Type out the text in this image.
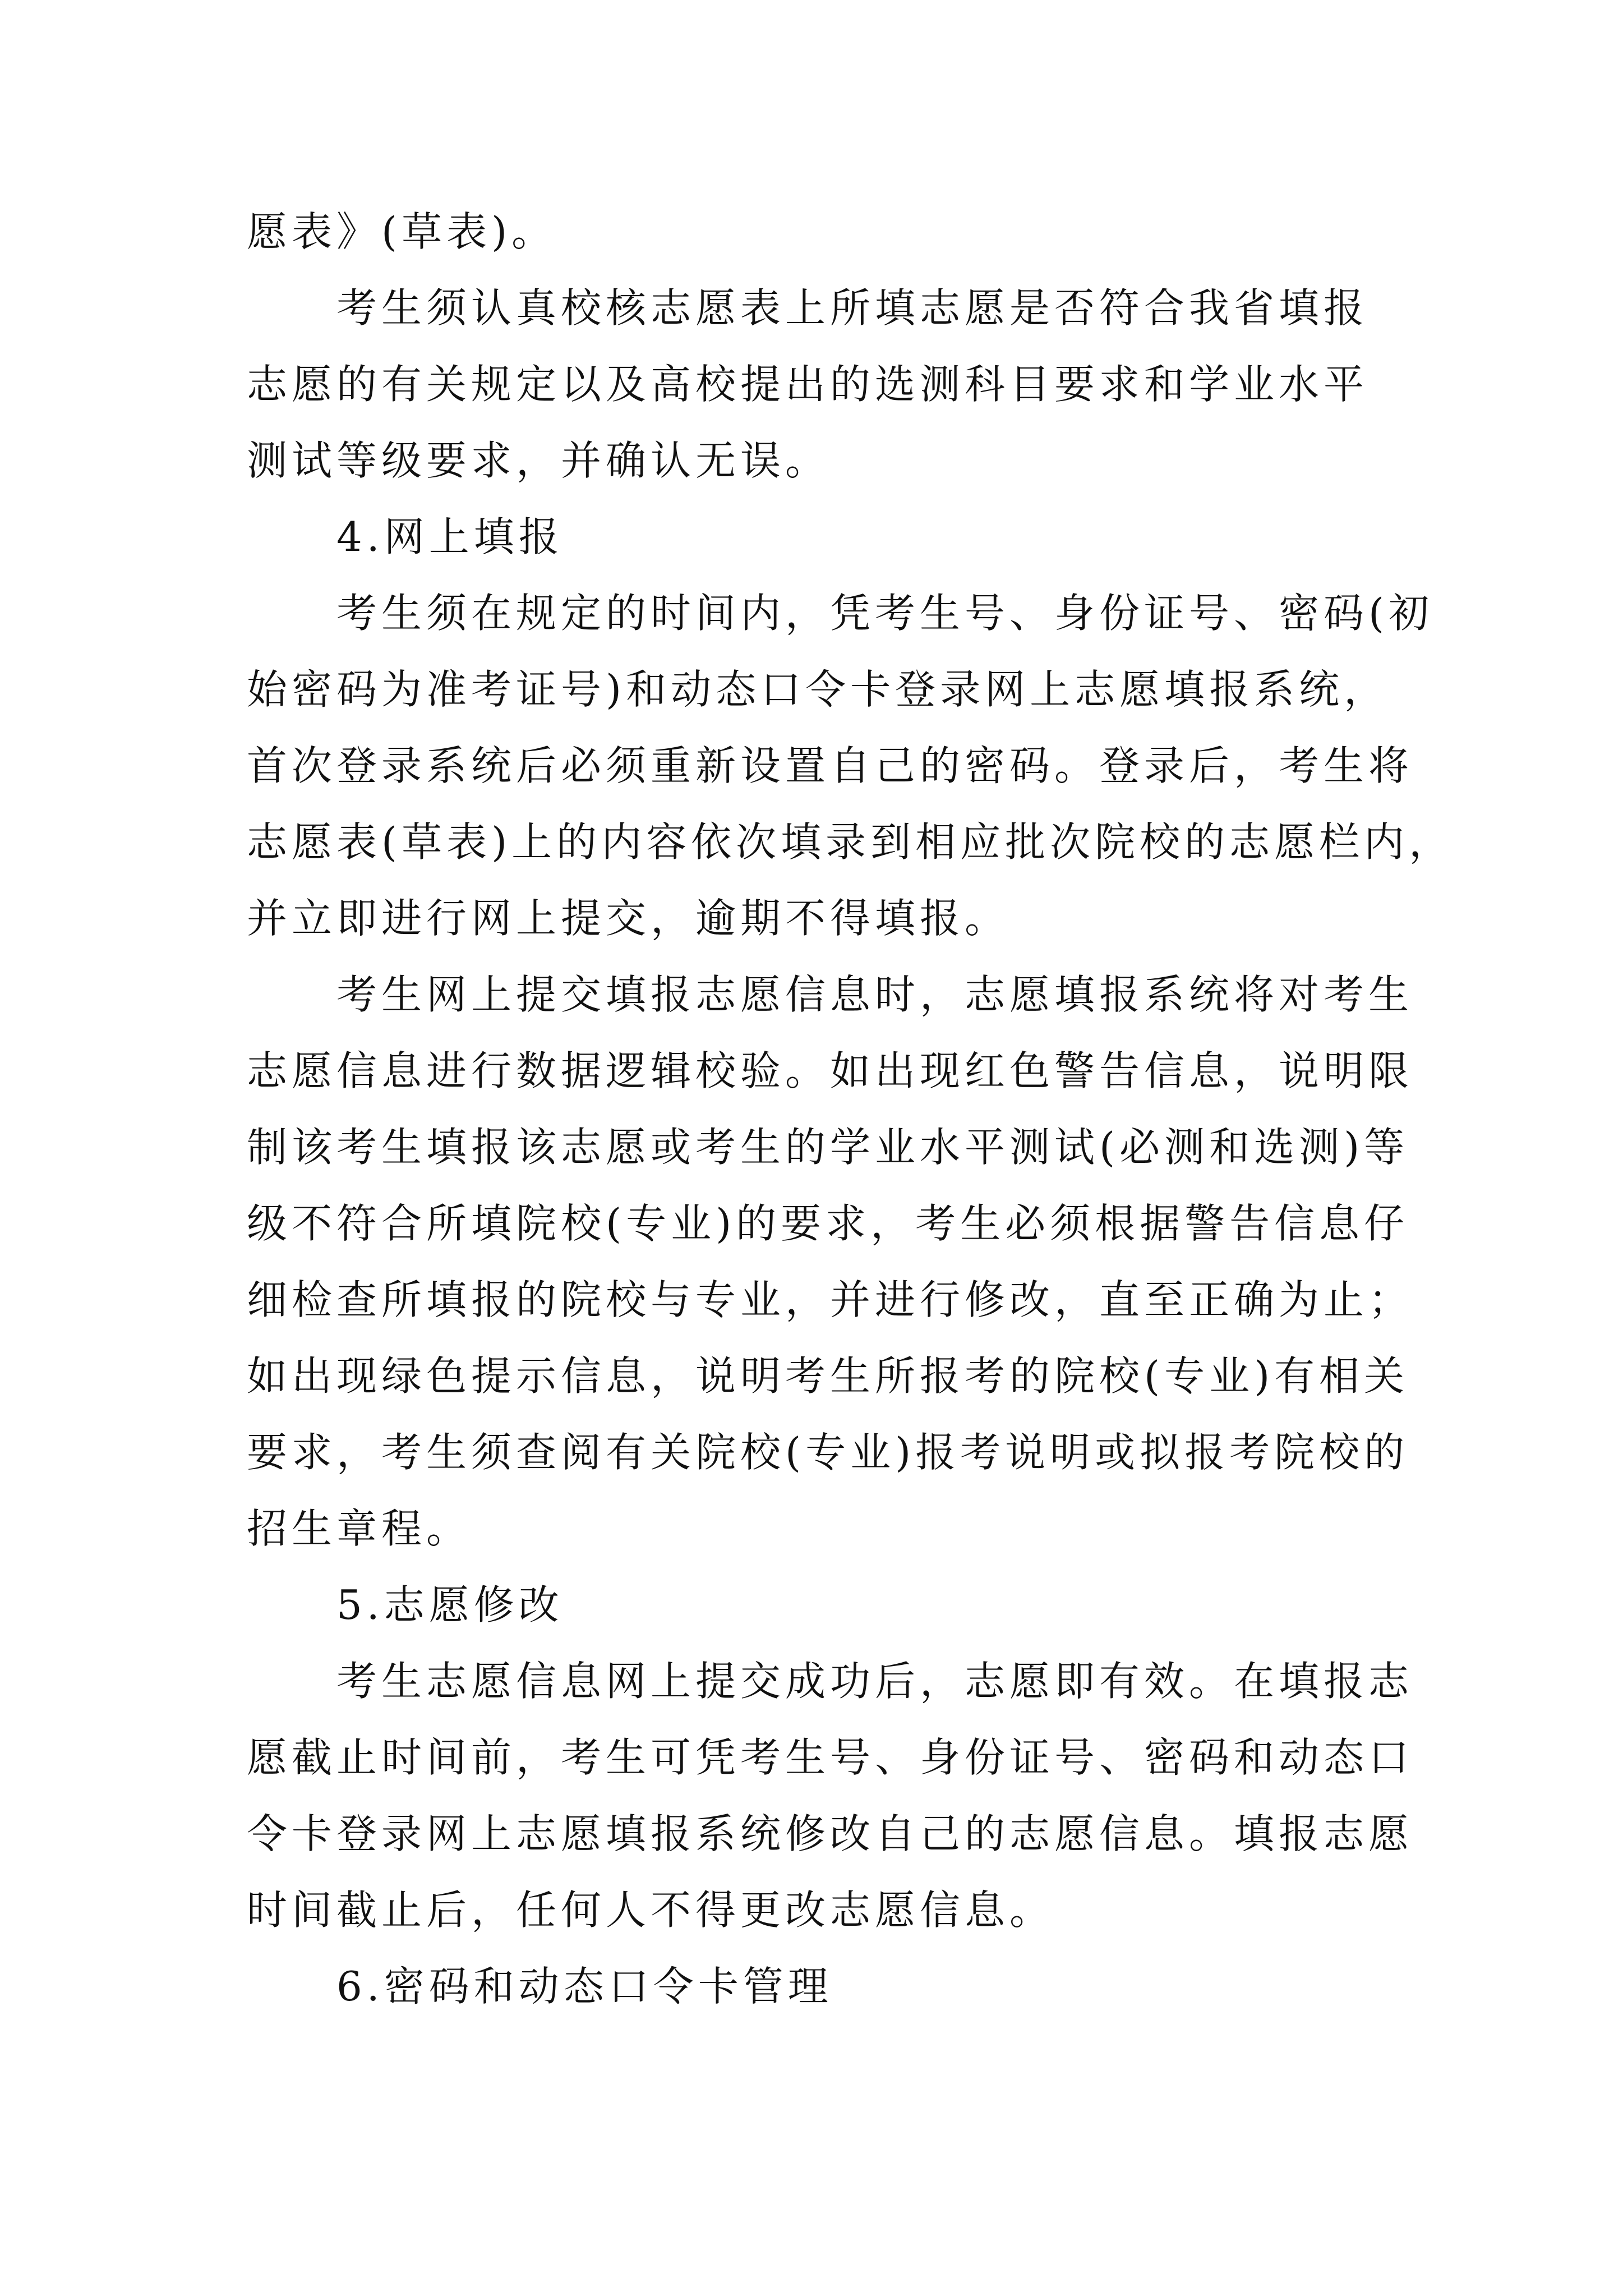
愿表》(草表)。
考生须认真校核志愿表上所填志愿是否符合我省填报
志愿的有关规定以及高校提出的选测科目要求和学业水平
测试等级要求，并确认无误。
4.网上填报
考生须在规定的时间内，凭考生号、身份证号、密码(初
始密码为准考证号)和动态口令卡登录网上志愿填报系统，
首次登录系统后必须重新设置自己的密码。登录后，考生将
志愿表(草表)上的内容依次填录到相应批次院校的志愿栏内，
并立即进行网上提交，逾期不得填报。
考生网上提交填报志愿信息时，志愿填报系统将对考生
志愿信息进行数据逻辑校验。如出现红色警告信息，说明限
制该考生填报该志愿或考生的学业水平测试(必测和选测)等
级不符合所填院校(专业)的要求，考生必须根据警告信息仔
细检查所填报的院校与专业，并进行修改，直至正确为止；
如出现绿色提示信息，说明考生所报考的院校(专业)有相关
要求，考生须查阅有关院校(专业)报考说明或拟报考院校的
招生章程。
5.志愿修改
考生志愿信息网上提交成功后，志愿即有效。在填报志
愿截止时间前，考生可凭考生号、身份证号、密码和动态口
令卡登录网上志愿填报系统修改自己的志愿信息。填报志愿
时间截止后，任何人不得更改志愿信息。
6.密码和动态口令卡管理
